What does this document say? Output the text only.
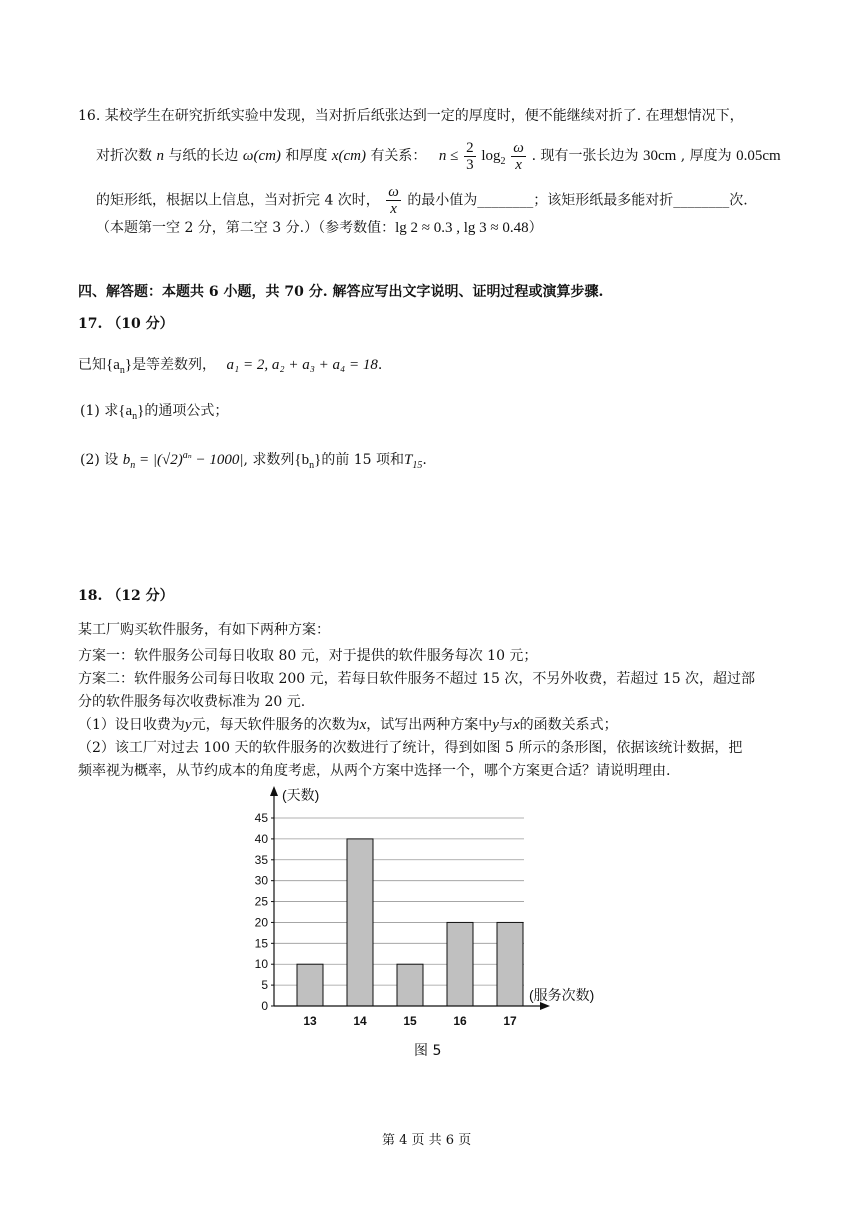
16. 某校学生在研究折纸实验中发现，当对折后纸张达到一定的厚度时，便不能继续对折了. 在理想情况下，
对折次数 n 与纸的长边 ω(cm) 和厚度 x(cm) 有关系： $n \le \frac{2}{3} \log_2 \frac{\omega}{x}$ . 现有一张长边为 30cm , 厚度为 0.05cm
的矩形纸，根据以上信息，当对折完 4 次时， $\frac{\omega}{x}$ 的最小值为________；该矩形纸最多能对折________次.
（本题第一空 2 分，第二空 3 分.）（参考数值：lg 2 ≈ 0.3 , lg 3 ≈ 0.48）
四、解答题：本题共 6 小题，共 70 分. 解答应写出文字说明、证明过程或演算步骤.
17. （10 分）
已知$\{a_n\}$是等差数列， a₁ = 2, a₂ + a₃ + a₄ = 18.
(1) 求$\{a_n\}$的通项公式；
(2) 设 $b_n = |(√2)^{a_n} - 1000|$, 求数列$\{b_n\}$的前 15 项和$T_{15}$.
18. （12 分）
某工厂购买软件服务，有如下两种方案：
方案一：软件服务公司每日收取 80 元，对于提供的软件服务每次 10 元；
方案二：软件服务公司每日收取 200 元，若每日软件服务不超过 15 次，不另外收费，若超过 15 次，超过部
分的软件服务每次收费标准为 20 元.
（1）设日收费为y元，每天软件服务的次数为x，试写出两种方案中y与x的函数关系式；
（2）该工厂对过去 100 天的软件服务的次数进行了统计，得到如图 5 所示的条形图，依据该统计数据，把
频率视为概率，从节约成本的角度考虑，从两个方案中选择一个，哪个方案更合适？请说明理由.
0
5
10
15
20
25
30
35
40
45
13	14	15	16	17
(天数)
(服务次数)
图 5
第 4 页 共 6 页
